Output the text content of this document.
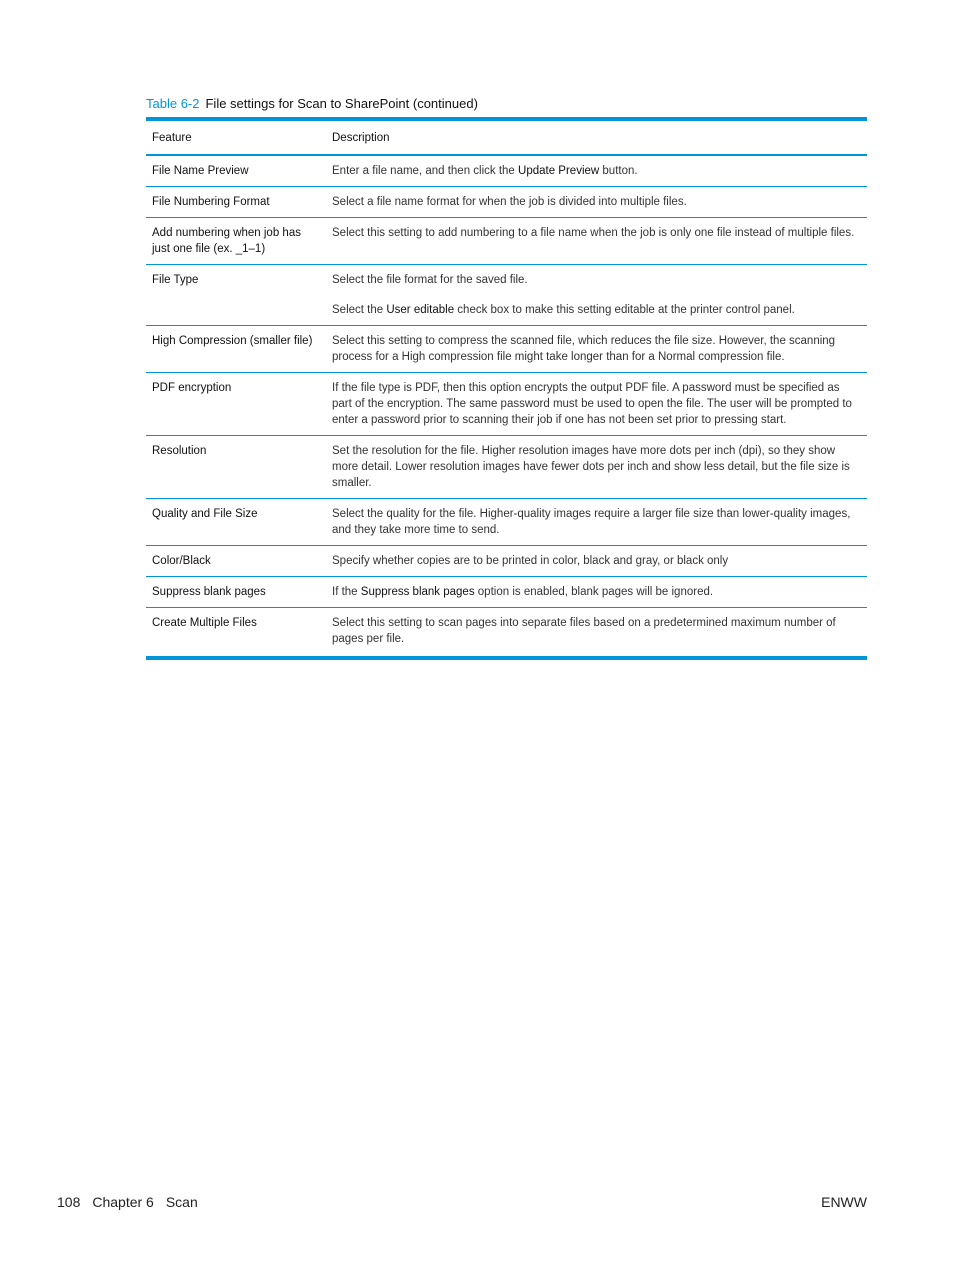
Table 6-2 File settings for Scan to SharePoint (continued)
Feature	Description
File Name Preview	Enter a file name, and then click the Update Preview button.

File Numbering Format	Select a file name format for when the job is divided into multiple files.

Add numbering when job has just one file (ex. _1–1)	Select this setting to add numbering to a file name when the job is only one file instead of multiple files.

File Type	Select the file format for the saved file.

Select the User editable check box to make this setting editable at the printer control panel.

High Compression (smaller file)	Select this setting to compress the scanned file, which reduces the file size. However, the scanning process for a High compression file might take longer than for a Normal compression file.

PDF encryption	If the file type is PDF, then this option encrypts the output PDF file. A password must be specified as part of the encryption. The same password must be used to open the file. The user will be prompted to enter a password prior to scanning their job if one has not been set prior to pressing start.

Resolution	Set the resolution for the file. Higher resolution images have more dots per inch (dpi), so they show more detail. Lower resolution images have fewer dots per inch and show less detail, but the file size is smaller.

Quality and File Size	Select the quality for the file. Higher-quality images require a larger file size than lower-quality images, and they take more time to send.

Color/Black	Specify whether copies are to be printed in color, black and gray, or black only

Suppress blank pages	If the Suppress blank pages option is enabled, blank pages will be ignored.

Create Multiple Files	Select this setting to scan pages into separate files based on a predetermined maximum number of pages per file.

108 Chapter 6 Scan	ENWW
